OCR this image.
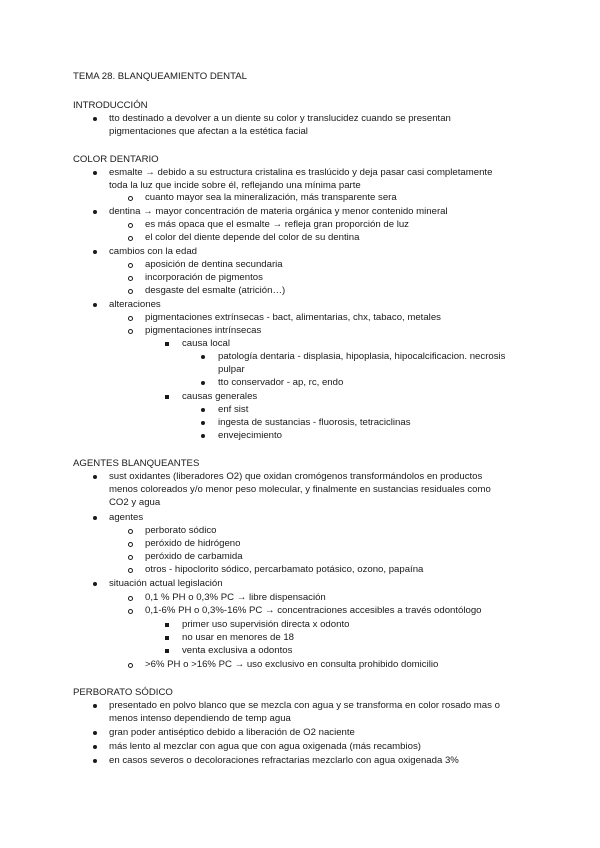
TEMA 28. BLANQUEAMIENTO DENTAL
INTRODUCCIÓN
tto destinado a devolver a un diente su color y translucidez cuando se presentan
pigmentaciones que afectan a la estética facial
COLOR DENTARIO
esmalte → debido a su estructura cristalina es traslúcido y deja pasar casi completamente
toda la luz que incide sobre él, reflejando una mínima parte
cuanto mayor sea la mineralización, más transparente sera
dentina → mayor concentración de materia orgánica y menor contenido mineral
es más opaca que el esmalte → refleja gran proporción de luz
el color del diente depende del color de su dentina
cambios con la edad
aposición de dentina secundaria
incorporación de pigmentos
desgaste del esmalte (atrición…)
alteraciones
pigmentaciones extrínsecas - bact, alimentarias, chx, tabaco, metales
pigmentaciones intrínsecas
causa local
patología dentaria - displasia, hipoplasia, hipocalcificacion. necrosis
pulpar
tto conservador - ap, rc, endo
causas generales
enf sist
ingesta de sustancias - fluorosis, tetraciclinas
envejecimiento
AGENTES BLANQUEANTES
sust oxidantes (liberadores O2) que oxidan cromógenos transformándolos en productos
menos coloreados y/o menor peso molecular, y finalmente en sustancias residuales como
CO2 y agua
agentes
perborato sódico
peróxido de hidrógeno
peróxido de carbamida
otros - hipoclorito sódico, percarbamato potásico, ozono, papaína
situación actual legislación
0,1 % PH o 0,3% PC → libre dispensación
0,1-6% PH o 0,3%-16% PC → concentraciones accesibles a través odontólogo
primer uso supervisión directa x odonto
no usar en menores de 18
venta exclusiva a odontos
>6% PH o >16% PC → uso exclusivo en consulta prohibido domicilio
PERBORATO SÓDICO
presentado en polvo blanco que se mezcla con agua y se transforma en color rosado mas o
menos intenso dependiendo de temp agua
gran poder antiséptico debido a liberación de O2 naciente
más lento al mezclar con agua que con agua oxigenada (más recambios)
en casos severos o decoloraciones refractarias mezclarlo con agua oxigenada 3%
